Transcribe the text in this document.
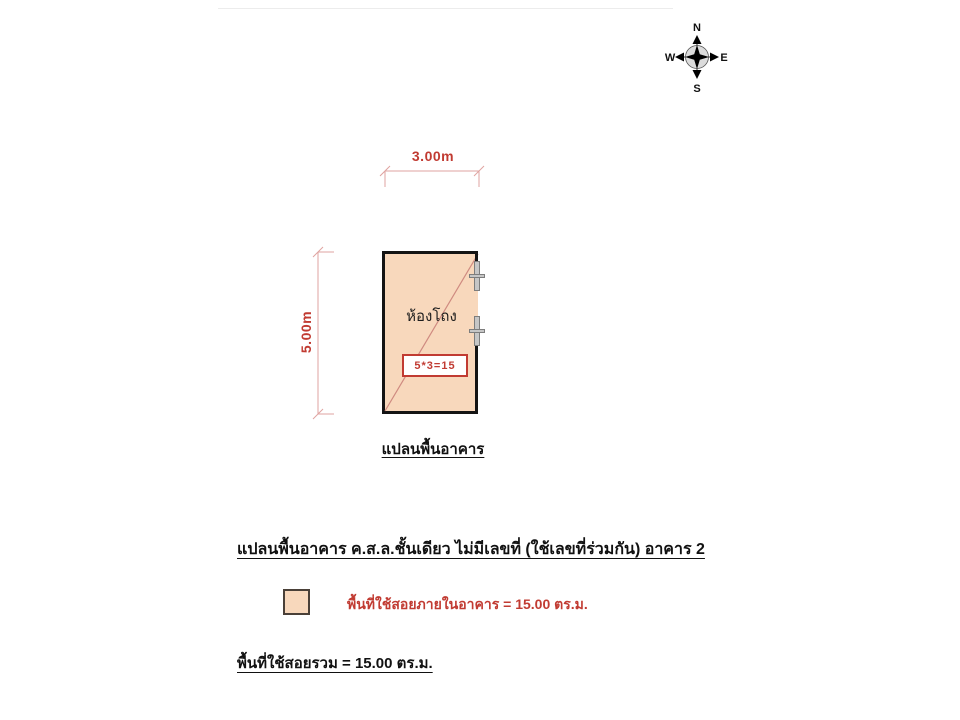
N
S
W	E
3.00m
5.00m	ห้องโถง
5*3=15
แปลนพื้นอาคาร
แปลนพื้นอาคาร ค.ส.ล.ชั้นเดียว ไม่มีเลขที่ (ใช้เลขที่ร่วมกัน) อาคาร 2
พื้นที่ใช้สอยภายในอาคาร = 15.00 ตร.ม.
พื้นที่ใช้สอยรวม = 15.00 ตร.ม.
